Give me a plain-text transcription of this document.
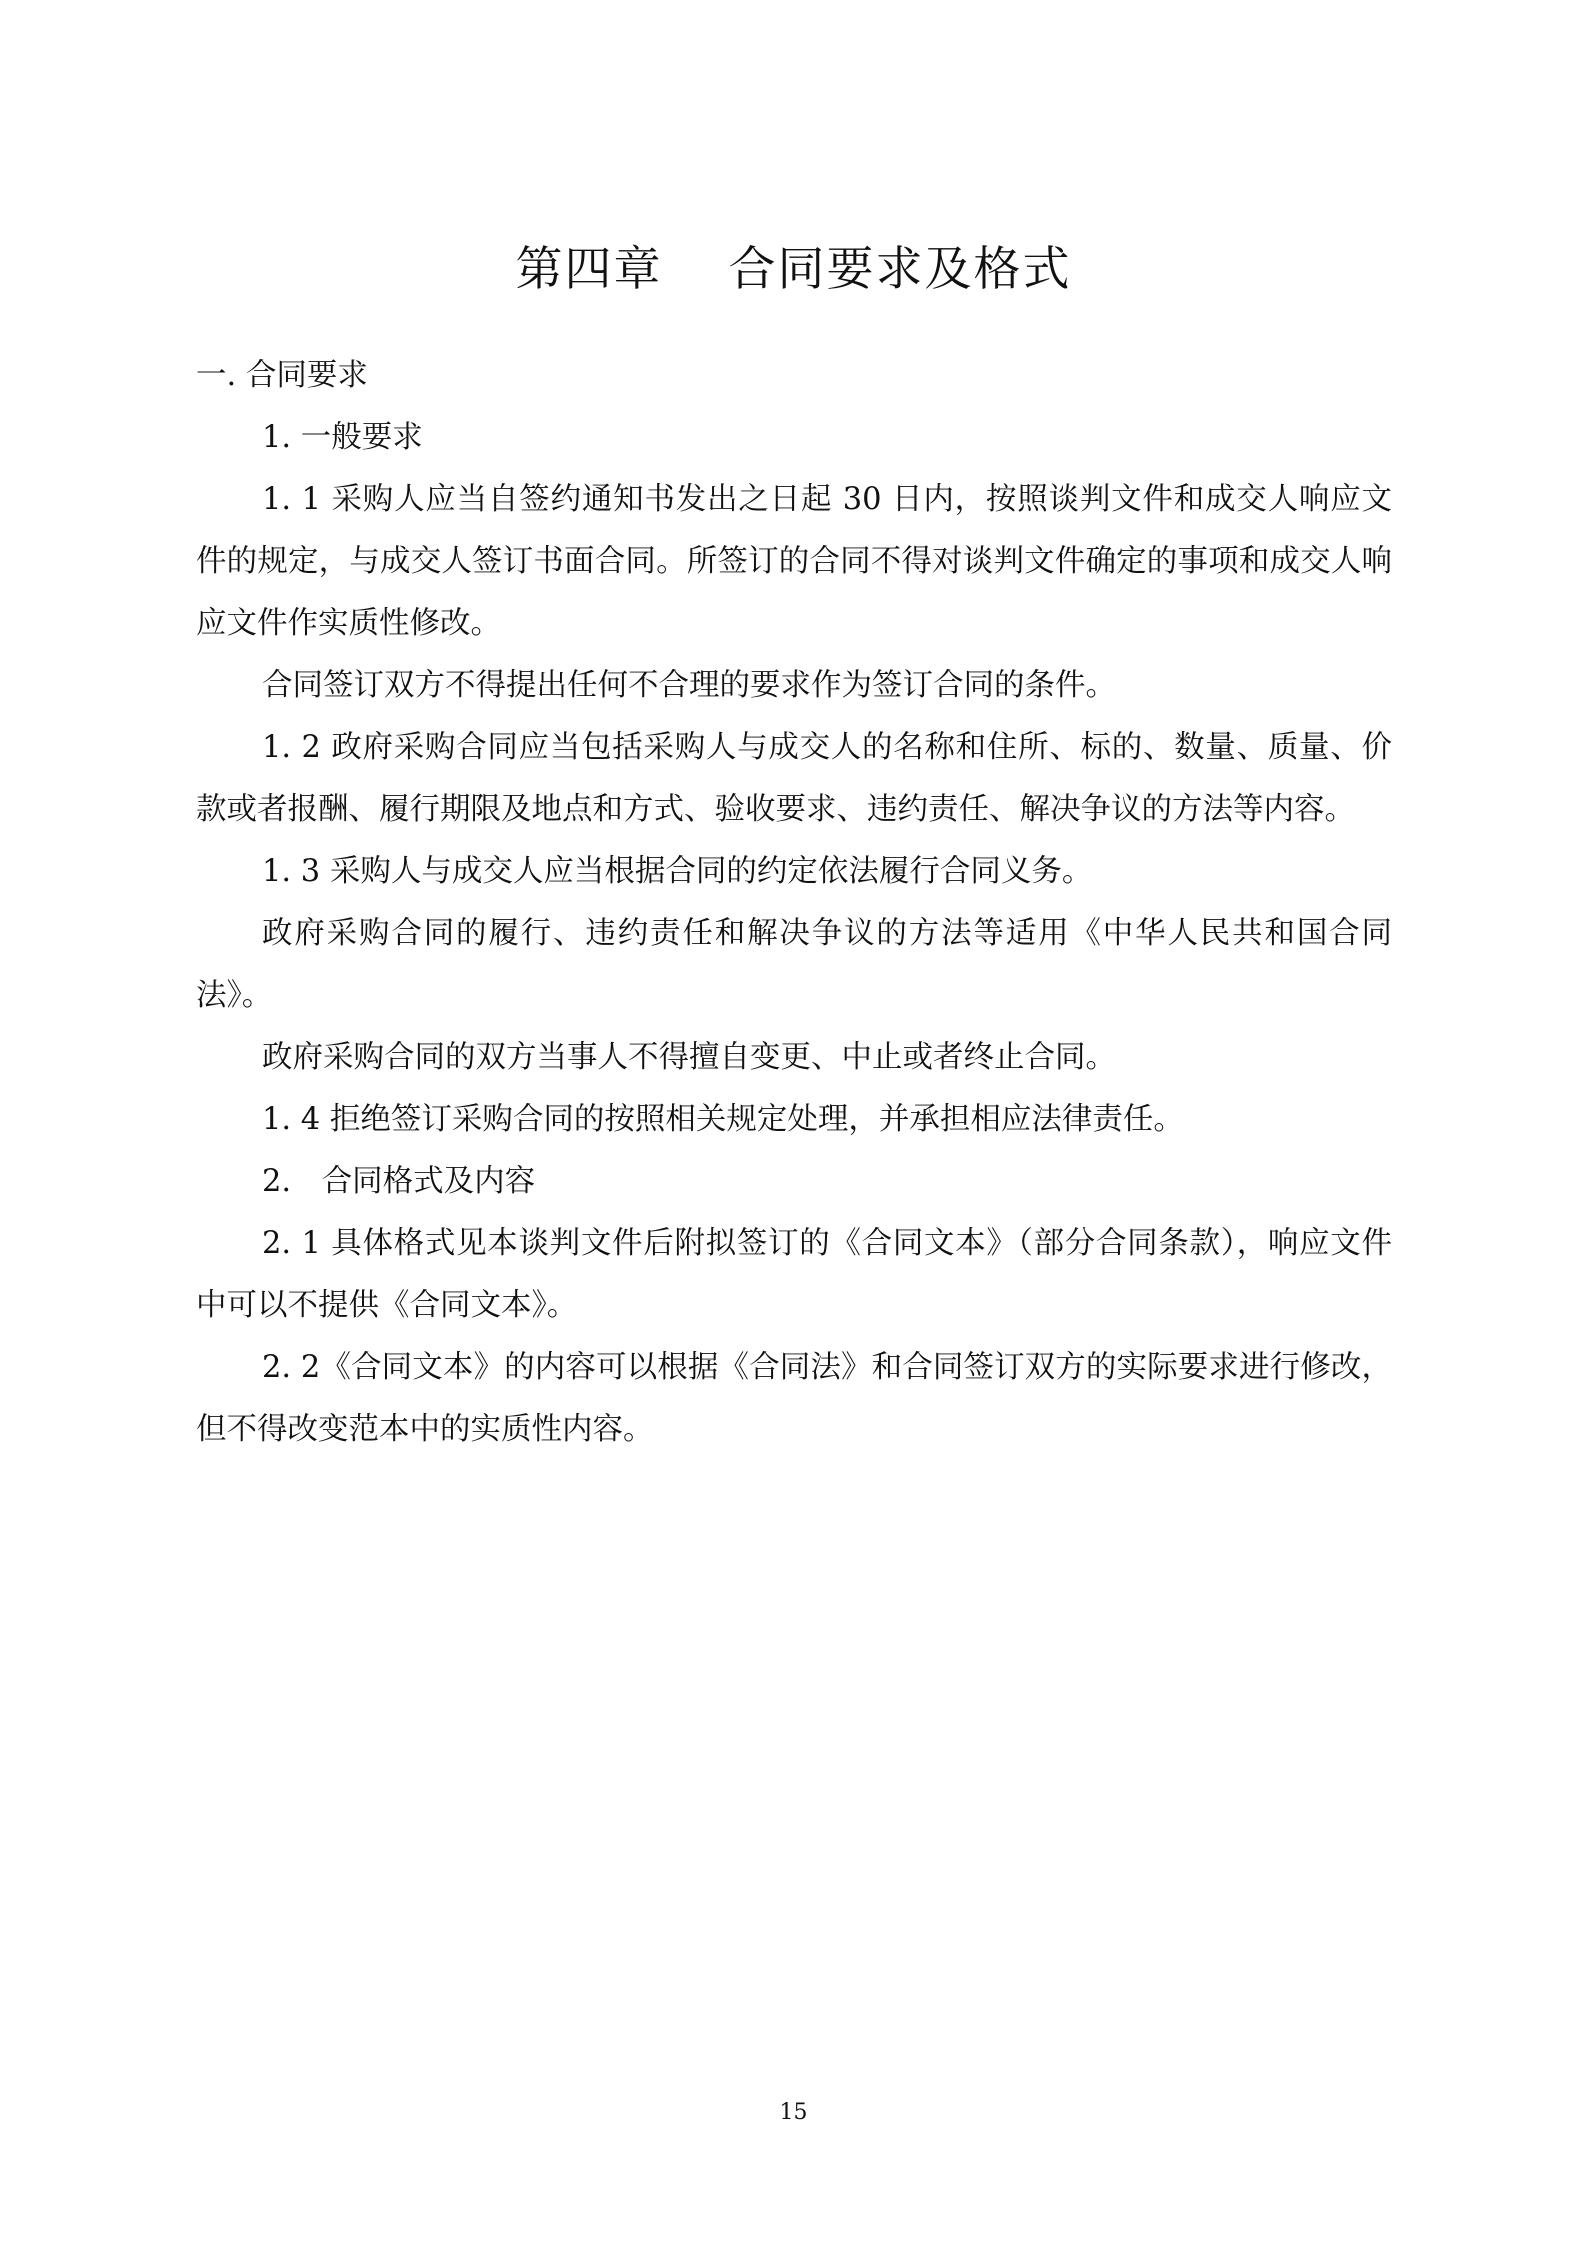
第四章　 合同要求及格式

一. 合同要求

1. 一般要求

1. 1 采购人应当自签约通知书发出之日起 30 日内，按照谈判文件和成交人响应文件的规定，与成交人签订书面合同。所签订的合同不得对谈判文件确定的事项和成交人响应文件作实质性修改。

合同签订双方不得提出任何不合理的要求作为签订合同的条件。

1. 2 政府采购合同应当包括采购人与成交人的名称和住所、标的、数量、质量、价款或者报酬、履行期限及地点和方式、验收要求、违约责任、解决争议的方法等内容。

1. 3 采购人与成交人应当根据合同的约定依法履行合同义务。

政府采购合同的履行、违约责任和解决争议的方法等适用《中华人民共和国合同法》。

政府采购合同的双方当事人不得擅自变更、中止或者终止合同。

1. 4 拒绝签订采购合同的按照相关规定处理，并承担相应法律责任。

2.　合同格式及内容

2. 1 具体格式见本谈判文件后附拟签订的《合同文本》（部分合同条款），响应文件中可以不提供《合同文本》。

2. 2《合同文本》的内容可以根据《合同法》和合同签订双方的实际要求进行修改，但不得改变范本中的实质性内容。

15
